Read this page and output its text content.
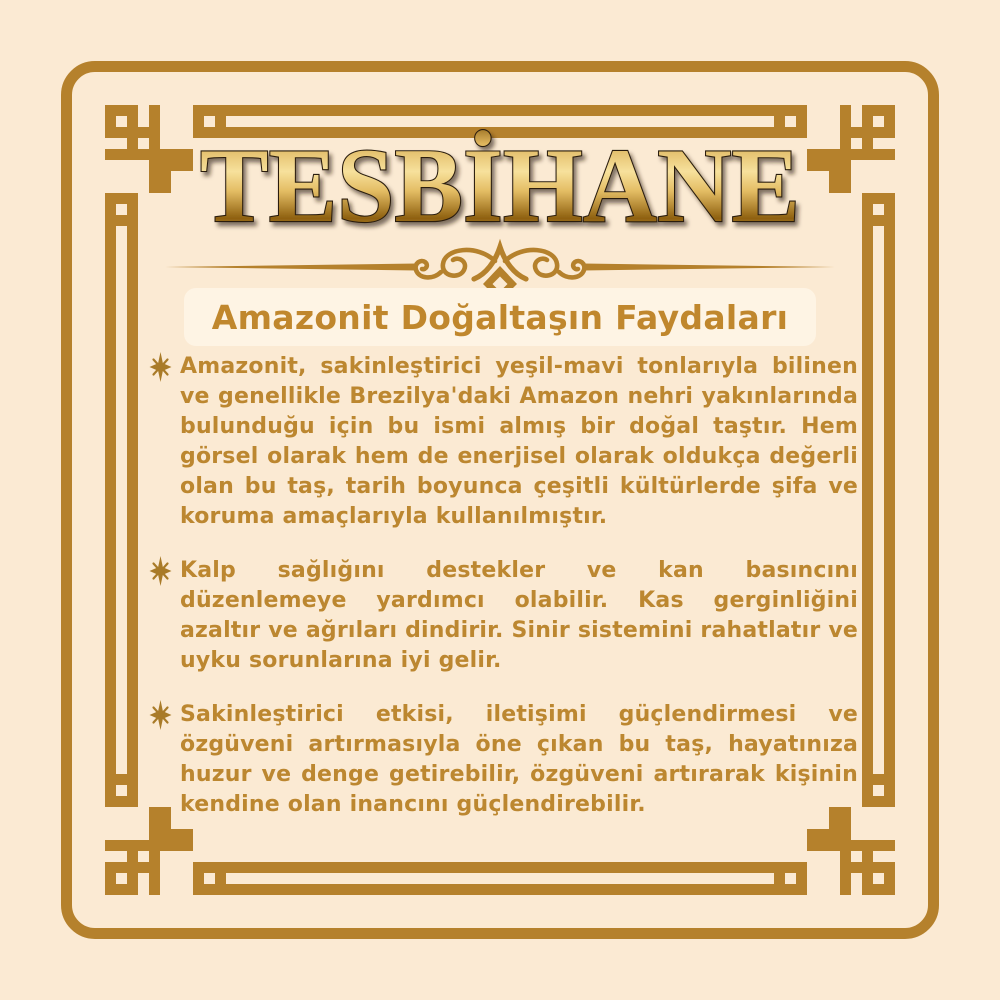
TESBİHANE
Amazonit Doğaltaşın Faydaları

Amazonit, sakinleştirici yeşil-mavi tonlarıyla bilinen ve genellikle Brezilya'daki Amazon nehri yakınlarında bulunduğu için bu ismi almış bir doğal taştır. Hem görsel olarak hem de enerjisel olarak oldukça değerli olan bu taş, tarih boyunca çeşitli kültürlerde şifa ve koruma amaçlarıyla kullanılmıştır.

Kalp sağlığını destekler ve kan basıncını düzenlemeye yardımcı olabilir. Kas gerginliğini azaltır ve ağrıları dindirir. Sinir sistemini rahatlatır ve uyku sorunlarına iyi gelir.

Sakinleştirici etkisi, iletişimi güçlendirmesi ve özgüveni artırmasıyla öne çıkan bu taş, hayatınıza huzur ve denge getirebilir, özgüveni artırarak kişinin kendine olan inancını güçlendirebilir.
